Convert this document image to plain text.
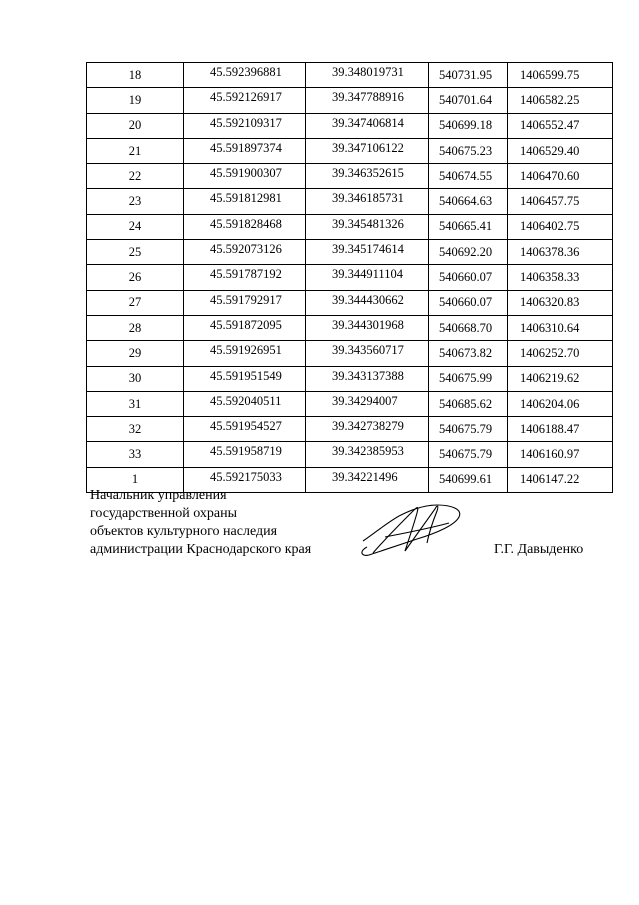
18	45.592396881	39.348019731	540731.95	1406599.75
19	45.592126917	39.347788916	540701.64	1406582.25
20	45.592109317	39.347406814	540699.18	1406552.47
21	45.591897374	39.347106122	540675.23	1406529.40
22	45.591900307	39.346352615	540674.55	1406470.60
23	45.591812981	39.346185731	540664.63	1406457.75
24	45.591828468	39.345481326	540665.41	1406402.75
25	45.592073126	39.345174614	540692.20	1406378.36
26	45.591787192	39.344911104	540660.07	1406358.33
27	45.591792917	39.344430662	540660.07	1406320.83
28	45.591872095	39.344301968	540668.70	1406310.64
29	45.591926951	39.343560717	540673.82	1406252.70
30	45.591951549	39.343137388	540675.99	1406219.62
31	45.592040511	39.34294007	540685.62	1406204.06
32	45.591954527	39.342738279	540675.79	1406188.47
33	45.591958719	39.342385953	540675.79	1406160.97
1	45.592175033	39.34221496	540699.61	1406147.22
Начальник управления
государственной охраны
объектов культурного наследия
администрации Краснодарского края	Г.Г. Давыденко
